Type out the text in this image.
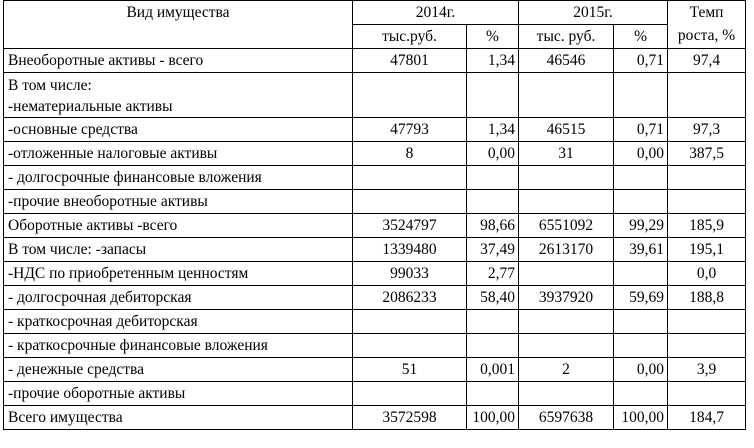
Вид имущества	2014г.		2015г.		Темп
роста, %

	тыс.руб.	%	тыс. руб.	%	
Внеоборотные активы - всего	47801	1,34	46546	0,71	97,4

В том числе:
-нематериальные активы					

-основные средства	47793	1,34	46515	0,71	97,3
-отложенные налоговые активы	8	0,00	31	0,00	387,5
- долгосрочные финансовые вложения					
-прочие внеоборотные активы					
Оборотные активы -всего	3524797	98,66	6551092	99,29	185,9
В том числе: -запасы	1339480	37,49	2613170	39,61	195,1
-НДС по приобретенным ценностям	99033	2,77			0,0
- долгосрочная дебиторская	2086233	58,40	3937920	59,69	188,8
- краткосрочная дебиторская					
- краткосрочные финансовые вложения					
- денежные средства	51	0,001	2	0,00	3,9
-прочие оборотные активы					
Всего имущества	3572598	100,00	6597638	100,00	184,7
